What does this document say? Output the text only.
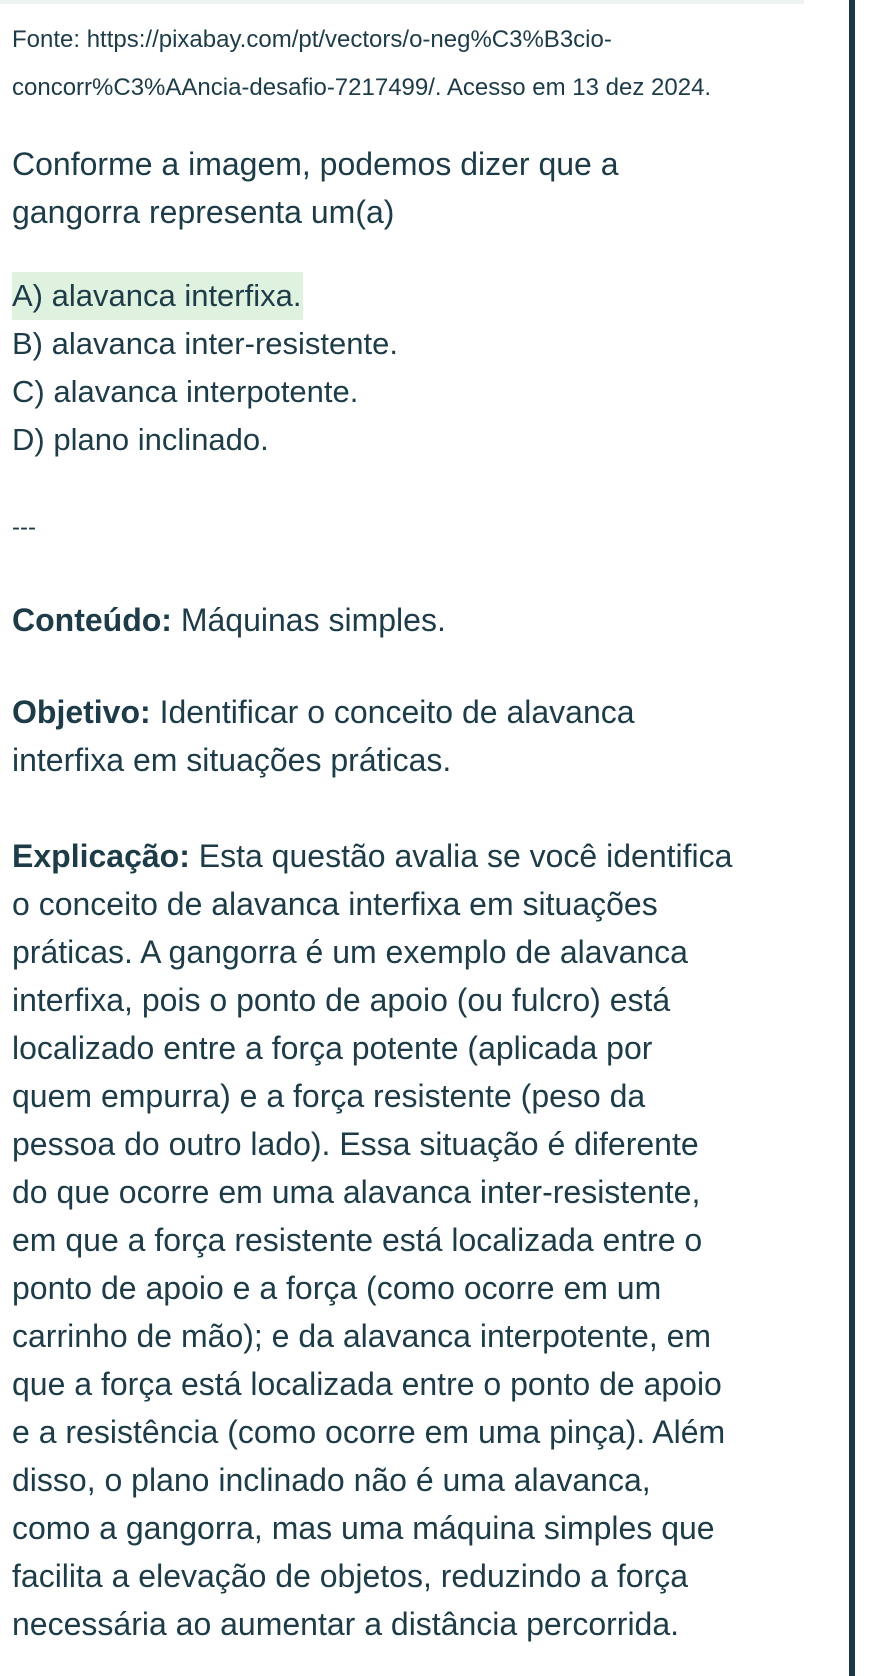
Fonte: https://pixabay.com/pt/vectors/o-neg%C3%B3cio-
concorr%C3%AAncia-desafio-7217499/. Acesso em 13 dez 2024.
Conforme a imagem, podemos dizer que a
gangorra representa um(a)
A) alavanca interfixa.
B) alavanca inter-resistente.
C) alavanca interpotente.
D) plano inclinado.
---
Conteúdo: Máquinas simples.
Objetivo: Identificar o conceito de alavanca
interfixa em situações práticas.
Explicação: Esta questão avalia se você identifica
o conceito de alavanca interfixa em situações
práticas. A gangorra é um exemplo de alavanca
interfixa, pois o ponto de apoio (ou fulcro) está
localizado entre a força potente (aplicada por
quem empurra) e a força resistente (peso da
pessoa do outro lado). Essa situação é diferente
do que ocorre em uma alavanca inter-resistente,
em que a força resistente está localizada entre o
ponto de apoio e a força (como ocorre em um
carrinho de mão); e da alavanca interpotente, em
que a força está localizada entre o ponto de apoio
e a resistência (como ocorre em uma pinça). Além
disso, o plano inclinado não é uma alavanca,
como a gangorra, mas uma máquina simples que
facilita a elevação de objetos, reduzindo a força
necessária ao aumentar a distância percorrida.
